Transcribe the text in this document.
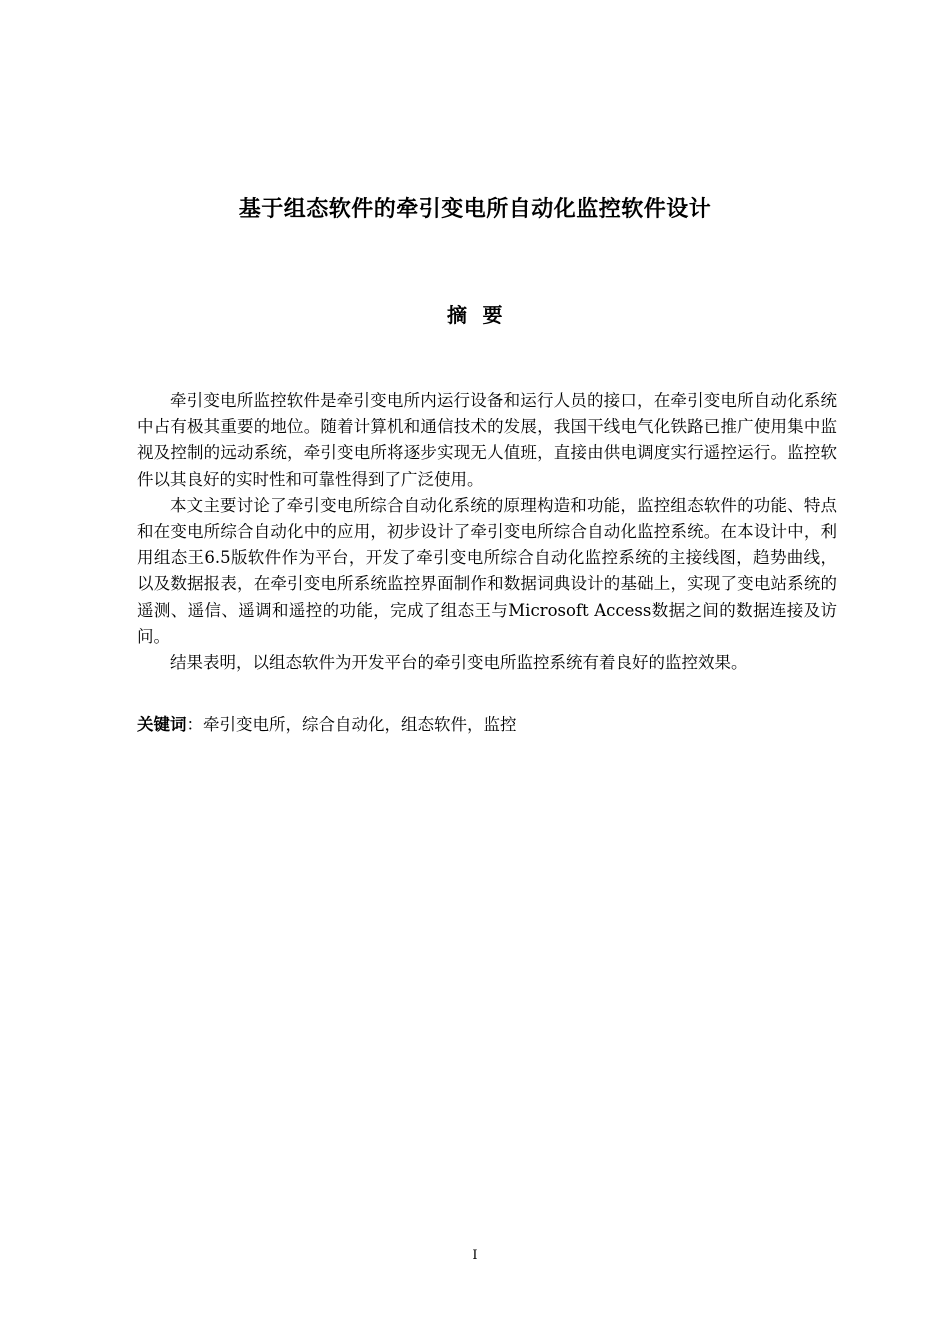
基于组态软件的牵引变电所自动化监控软件设计
摘  要

牵引变电所监控软件是牵引变电所内运行设备和运行人员的接口，在牵引变电所自动化系统中占有极其重要的地位。随着计算机和通信技术的发展，我国干线电气化铁路已推广使用集中监视及控制的远动系统，牵引变电所将逐步实现无人值班，直接由供电调度实行遥控运行。监控软件以其良好的实时性和可靠性得到了广泛使用。

本文主要讨论了牵引变电所综合自动化系统的原理构造和功能，监控组态软件的功能、特点和在变电所综合自动化中的应用，初步设计了牵引变电所综合自动化监控系统。在本设计中，利用组态王6.5版软件作为平台，开发了牵引变电所综合自动化监控系统的主接线图，趋势曲线，以及数据报表，在牵引变电所系统监控界面制作和数据词典设计的基础上，实现了变电站系统的遥测、遥信、遥调和遥控的功能，完成了组态王与Microsoft Access数据之间的数据连接及访问。

结果表明，以组态软件为开发平台的牵引变电所监控系统有着良好的监控效果。

关键词：牵引变电所，综合自动化，组态软件，监控
I
